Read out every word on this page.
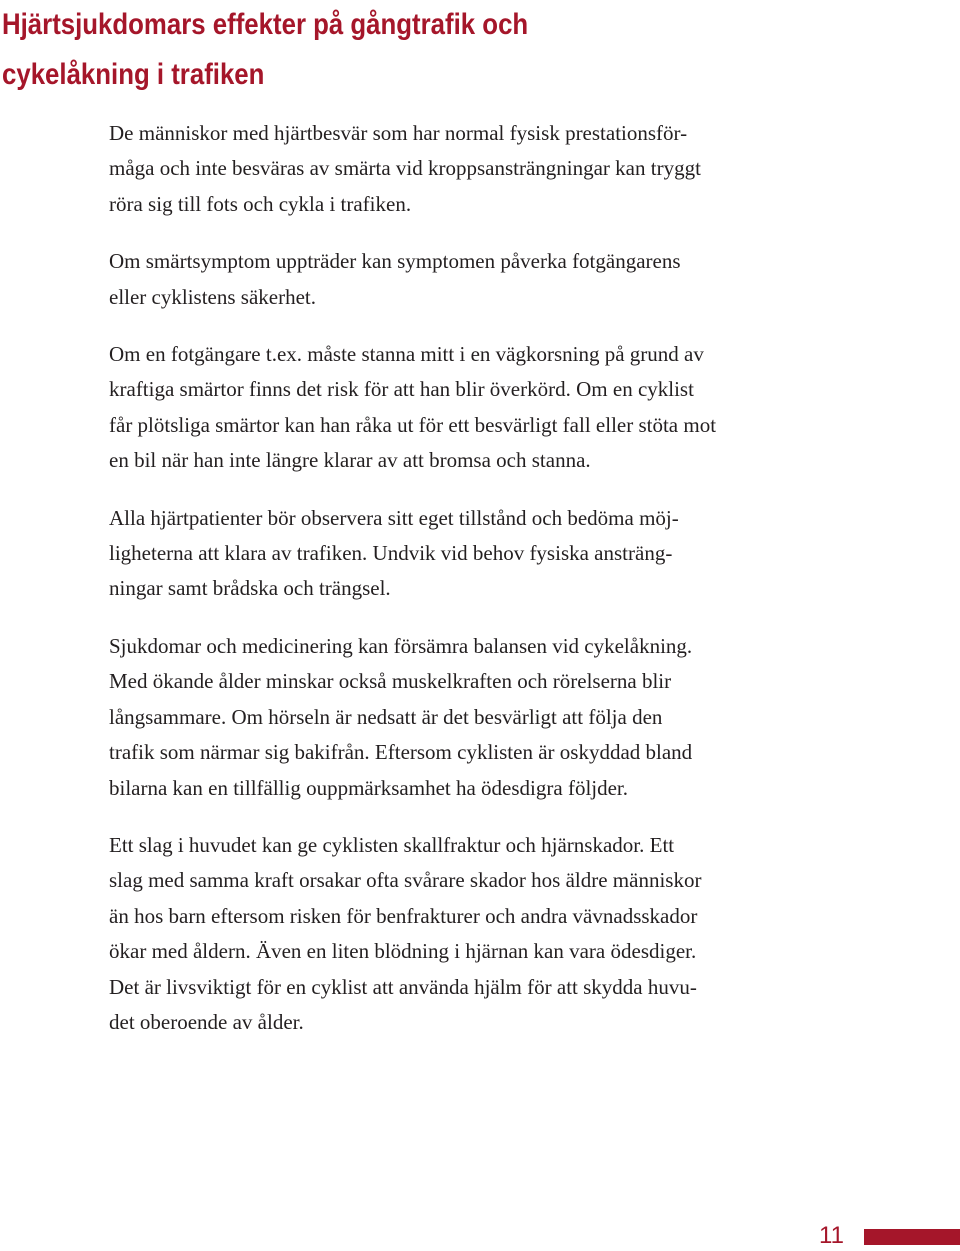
Hjärtsjukdomars effekter på gångtrafik och
cykelåkning i trafiken

De människor med hjärtbesvär som har normal fysisk prestationsför-
måga och inte besväras av smärta vid kroppsansträngningar kan tryggt
röra sig till fots och cykla i trafiken.

Om smärtsymptom uppträder kan symptomen påverka fotgängarens
eller cyklistens säkerhet.

Om en fotgängare t.ex. måste stanna mitt i en vägkorsning på grund av
kraftiga smärtor finns det risk för att han blir överkörd. Om en cyklist
får plötsliga smärtor kan han råka ut för ett besvärligt fall eller stöta mot
en bil när han inte längre klarar av att bromsa och stanna.

Alla hjärtpatienter bör observera sitt eget tillstånd och bedöma möj-
ligheterna att klara av trafiken. Undvik vid behov fysiska ansträng-
ningar samt brådska och trängsel.

Sjukdomar och medicinering kan försämra balansen vid cykelåkning.
Med ökande ålder minskar också muskelkraften och rörelserna blir
långsammare. Om hörseln är nedsatt är det besvärligt att följa den
trafik som närmar sig bakifrån. Eftersom cyklisten är oskyddad bland
bilarna kan en tillfällig ouppmärksamhet ha ödesdigra följder.

Ett slag i huvudet kan ge cyklisten skallfraktur och hjärnskador. Ett
slag med samma kraft orsakar ofta svårare skador hos äldre människor
än hos barn eftersom risken för benfrakturer och andra vävnadsskador
ökar med åldern. Även en liten blödning i hjärnan kan vara ödesdiger.
Det är livsviktigt för en cyklist att använda hjälm för att skydda huvu-
det oberoende av ålder.

11
